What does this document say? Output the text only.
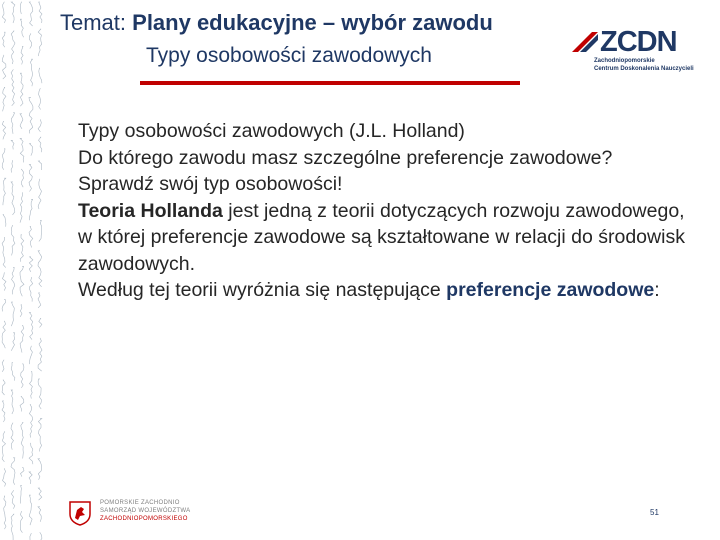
Temat: Plany edukacyjne – wybór zawodu
Typy osobowości zawodowych	ZCDN
Zachodniopomorskie
Centrum Doskonalenia Nauczycieli

Typy osobowości zawodowych (J.L. Holland)

Do którego zawodu masz szczególne preferencje zawodowe? Sprawdź swój typ osobowości!

Teoria Hollanda jest jedną z teorii dotyczących rozwoju zawodowego, w której preferencje zawodowe są kształtowane w relacji do środowisk zawodowych.

Według tej teorii wyróżnia się następujące preferencje zawodowe:

POMORSKIE ZACHODNIO
SAMORZĄD WOJEWÓDZTWA
ZACHODNIOPOMORSKIEGO
51
